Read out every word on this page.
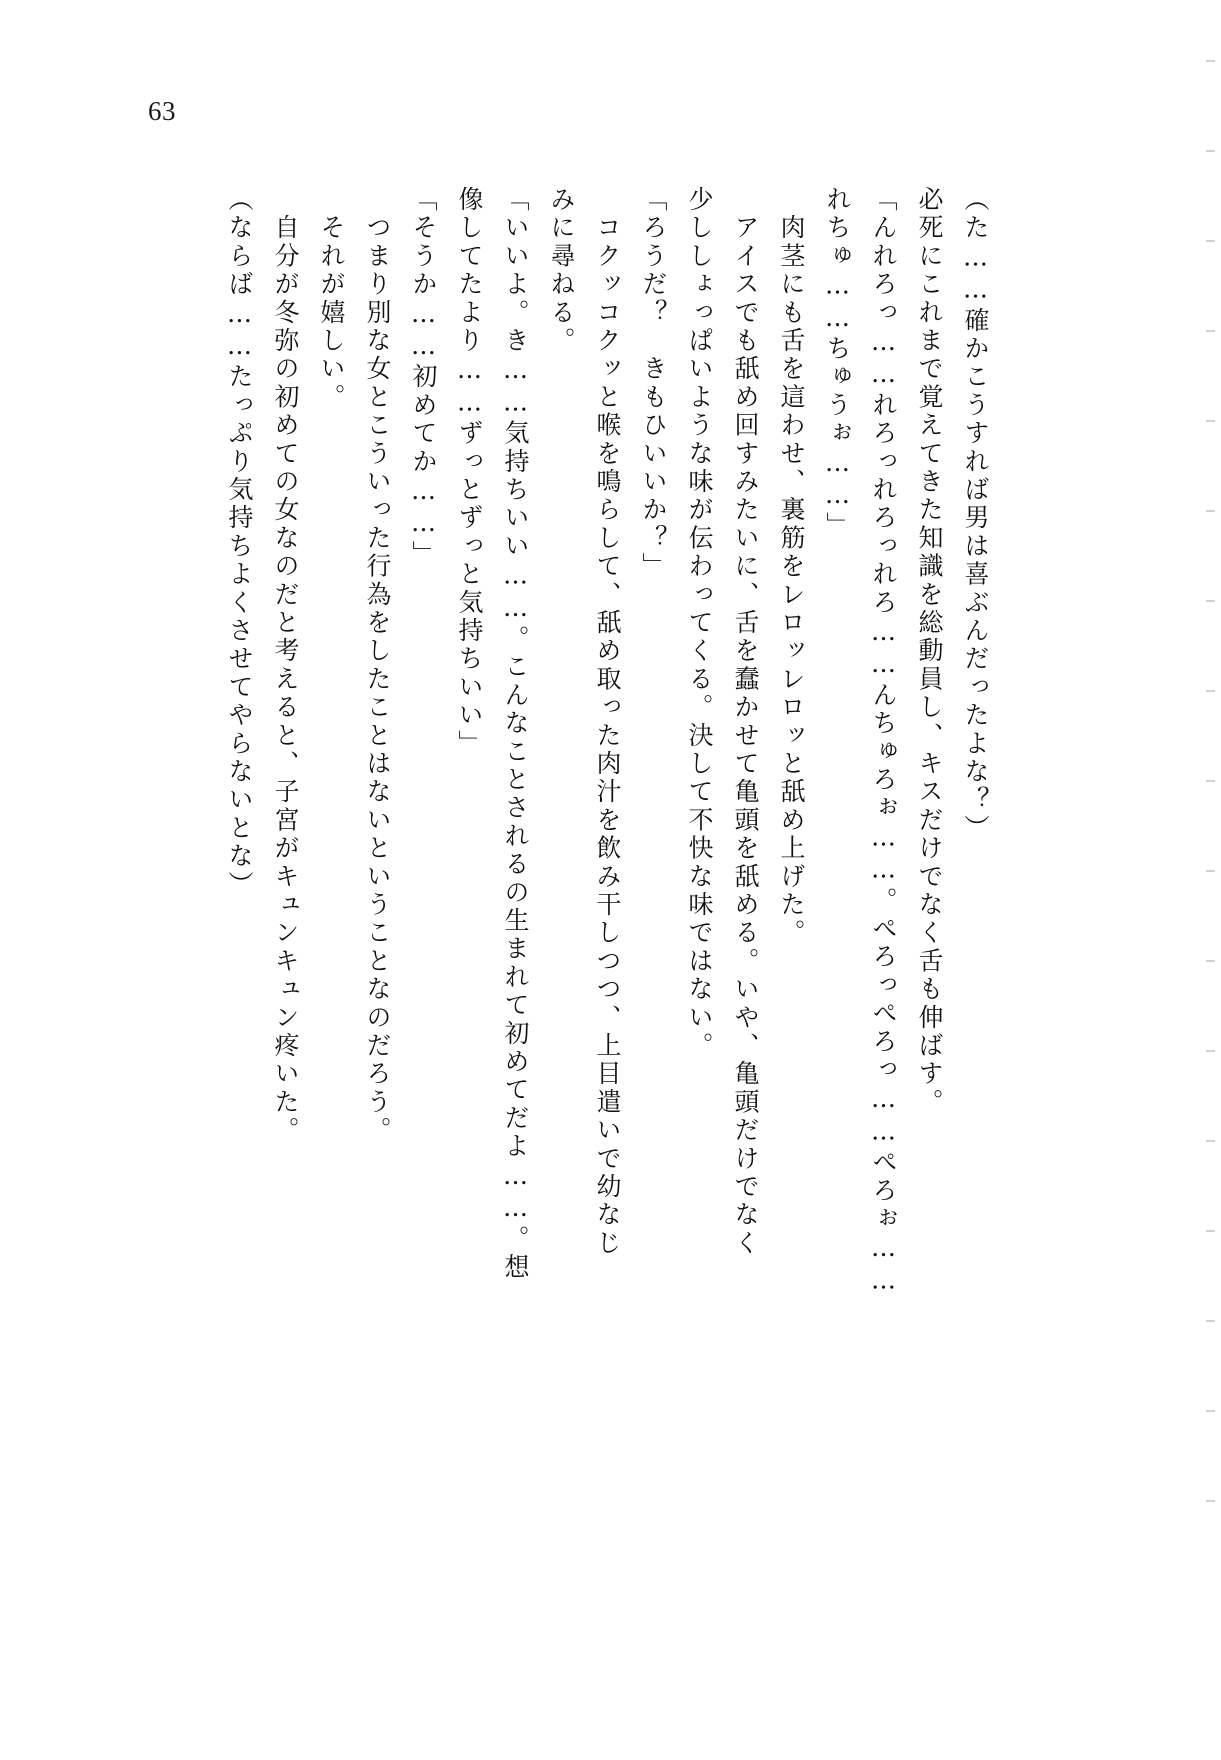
63
（た……確かこうすれば男は喜ぶんだったよな？）
必死にこれまで覚えてきた知識を総動員し、キスだけでなく舌も伸ばす。
「んれろっ……れろっれろっれろ……んちゅろぉ……。ぺろっぺろっ……ぺろぉ……
れちゅ……ちゅうぉ……」
　肉茎にも舌を這わせ、裏筋をレロッレロッと舐め上げた。
　アイスでも舐め回すみたいに、舌を蠢かせて亀頭を舐める。いや、亀頭だけでなく
少ししょっぱいような味が伝わってくる。決して不快な味ではない。
「ろうだ？　きもひいいか？」
　コクッコクッと喉を鳴らして、舐め取った肉汁を飲み干しつつ、上目遣いで幼なじ
みに尋ねる。
「いいよ。き……気持ちいい……。こんなことされるの生まれて初めてだよ……。想
像してたより……ずっとずっと気持ちいい」
「そうか……初めてか……」
　つまり別な女とこういった行為をしたことはないということなのだろう。
　それが嬉しい。
　自分が冬弥の初めての女なのだと考えると、子宮がキュンキュン疼いた。
（ならば……たっぷり気持ちよくさせてやらないとな）
